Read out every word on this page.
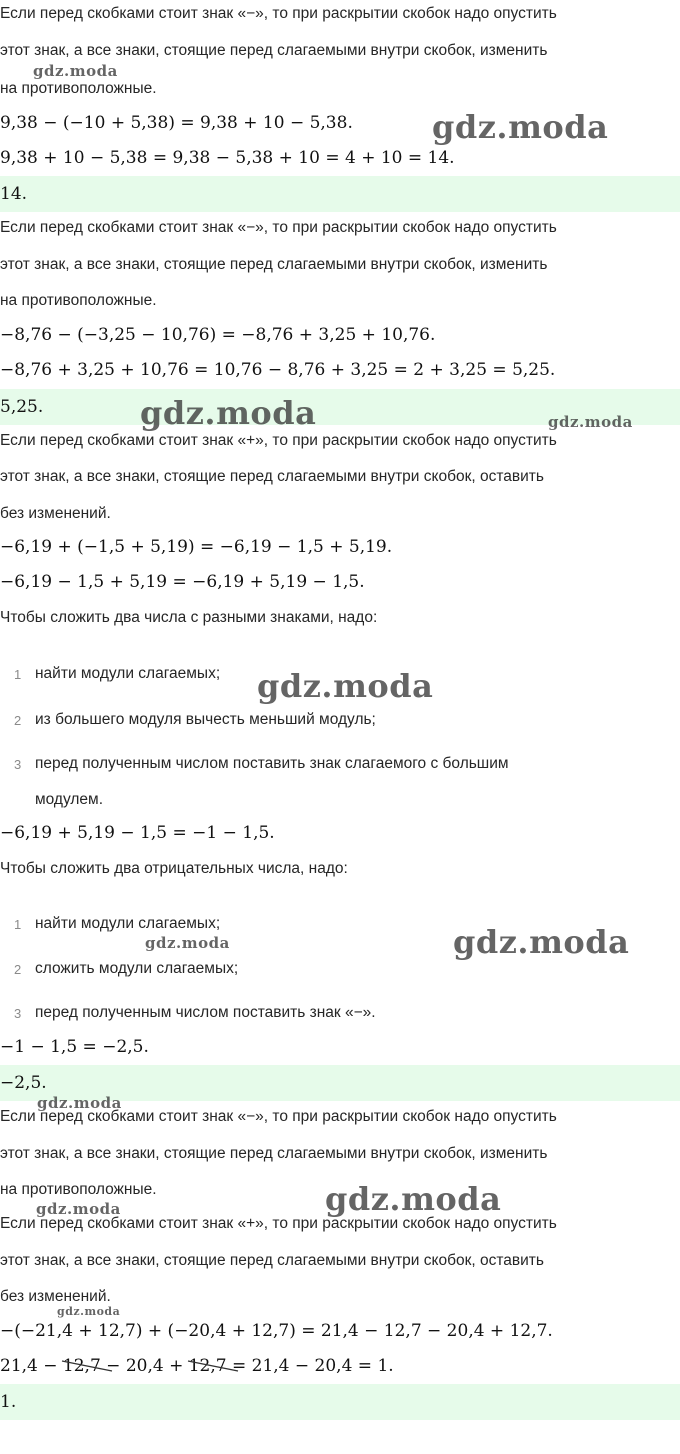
Если перед скобками стоит знак «−», то при раскрытии скобок надо опустить
этот знак, а все знаки, стоящие перед слагаемыми внутри скобок, изменить
на противоположные.
9,38 − (−10 + 5,38) = 9,38 + 10 − 5,38.
9,38 + 10 − 5,38 = 9,38 − 5,38 + 10 = 4 + 10 = 14.
14.
Если перед скобками стоит знак «−», то при раскрытии скобок надо опустить
этот знак, а все знаки, стоящие перед слагаемыми внутри скобок, изменить
на противоположные.
−8,76 − (−3,25 − 10,76) = −8,76 + 3,25 + 10,76.
−8,76 + 3,25 + 10,76 = 10,76 − 8,76 + 3,25 = 2 + 3,25 = 5,25.
5,25.
Если перед скобками стоит знак «+», то при раскрытии скобок надо опустить
этот знак, а все знаки, стоящие перед слагаемыми внутри скобок, оставить
без изменений.
−6,19 + (−1,5 + 5,19) = −6,19 − 1,5 + 5,19.
−6,19 − 1,5 + 5,19 = −6,19 + 5,19 − 1,5.
Чтобы сложить два числа с разными знаками, надо:
1 найти модули слагаемых;
2 из большего модуля вычесть меньший модуль;
3 перед полученным числом поставить знак слагаемого с большим
модулем.
−6,19 + 5,19 − 1,5 = −1 − 1,5.
Чтобы сложить два отрицательных числа, надо:
1 найти модули слагаемых;
2 сложить модули слагаемых;
3 перед полученным числом поставить знак «−».
−1 − 1,5 = −2,5.
−2,5.
Если перед скобками стоит знак «−», то при раскрытии скобок надо опустить
этот знак, а все знаки, стоящие перед слагаемыми внутри скобок, изменить
на противоположные.
Если перед скобками стоит знак «+», то при раскрытии скобок надо опустить
этот знак, а все знаки, стоящие перед слагаемыми внутри скобок, оставить
без изменений.
−(−21,4 + 12,7) + (−20,4 + 12,7) = 21,4 − 12,7 − 20,4 + 12,7.
21,4 − 12,7 − 20,4 + 12,7 = 21,4 − 20,4 = 1.
1.
gdz.moda
gdz.moda
gdz.moda	gdz.moda
gdz.moda
gdz.moda	gdz.moda
gdz.moda
gdz.moda
gdz.moda
gdz.moda
